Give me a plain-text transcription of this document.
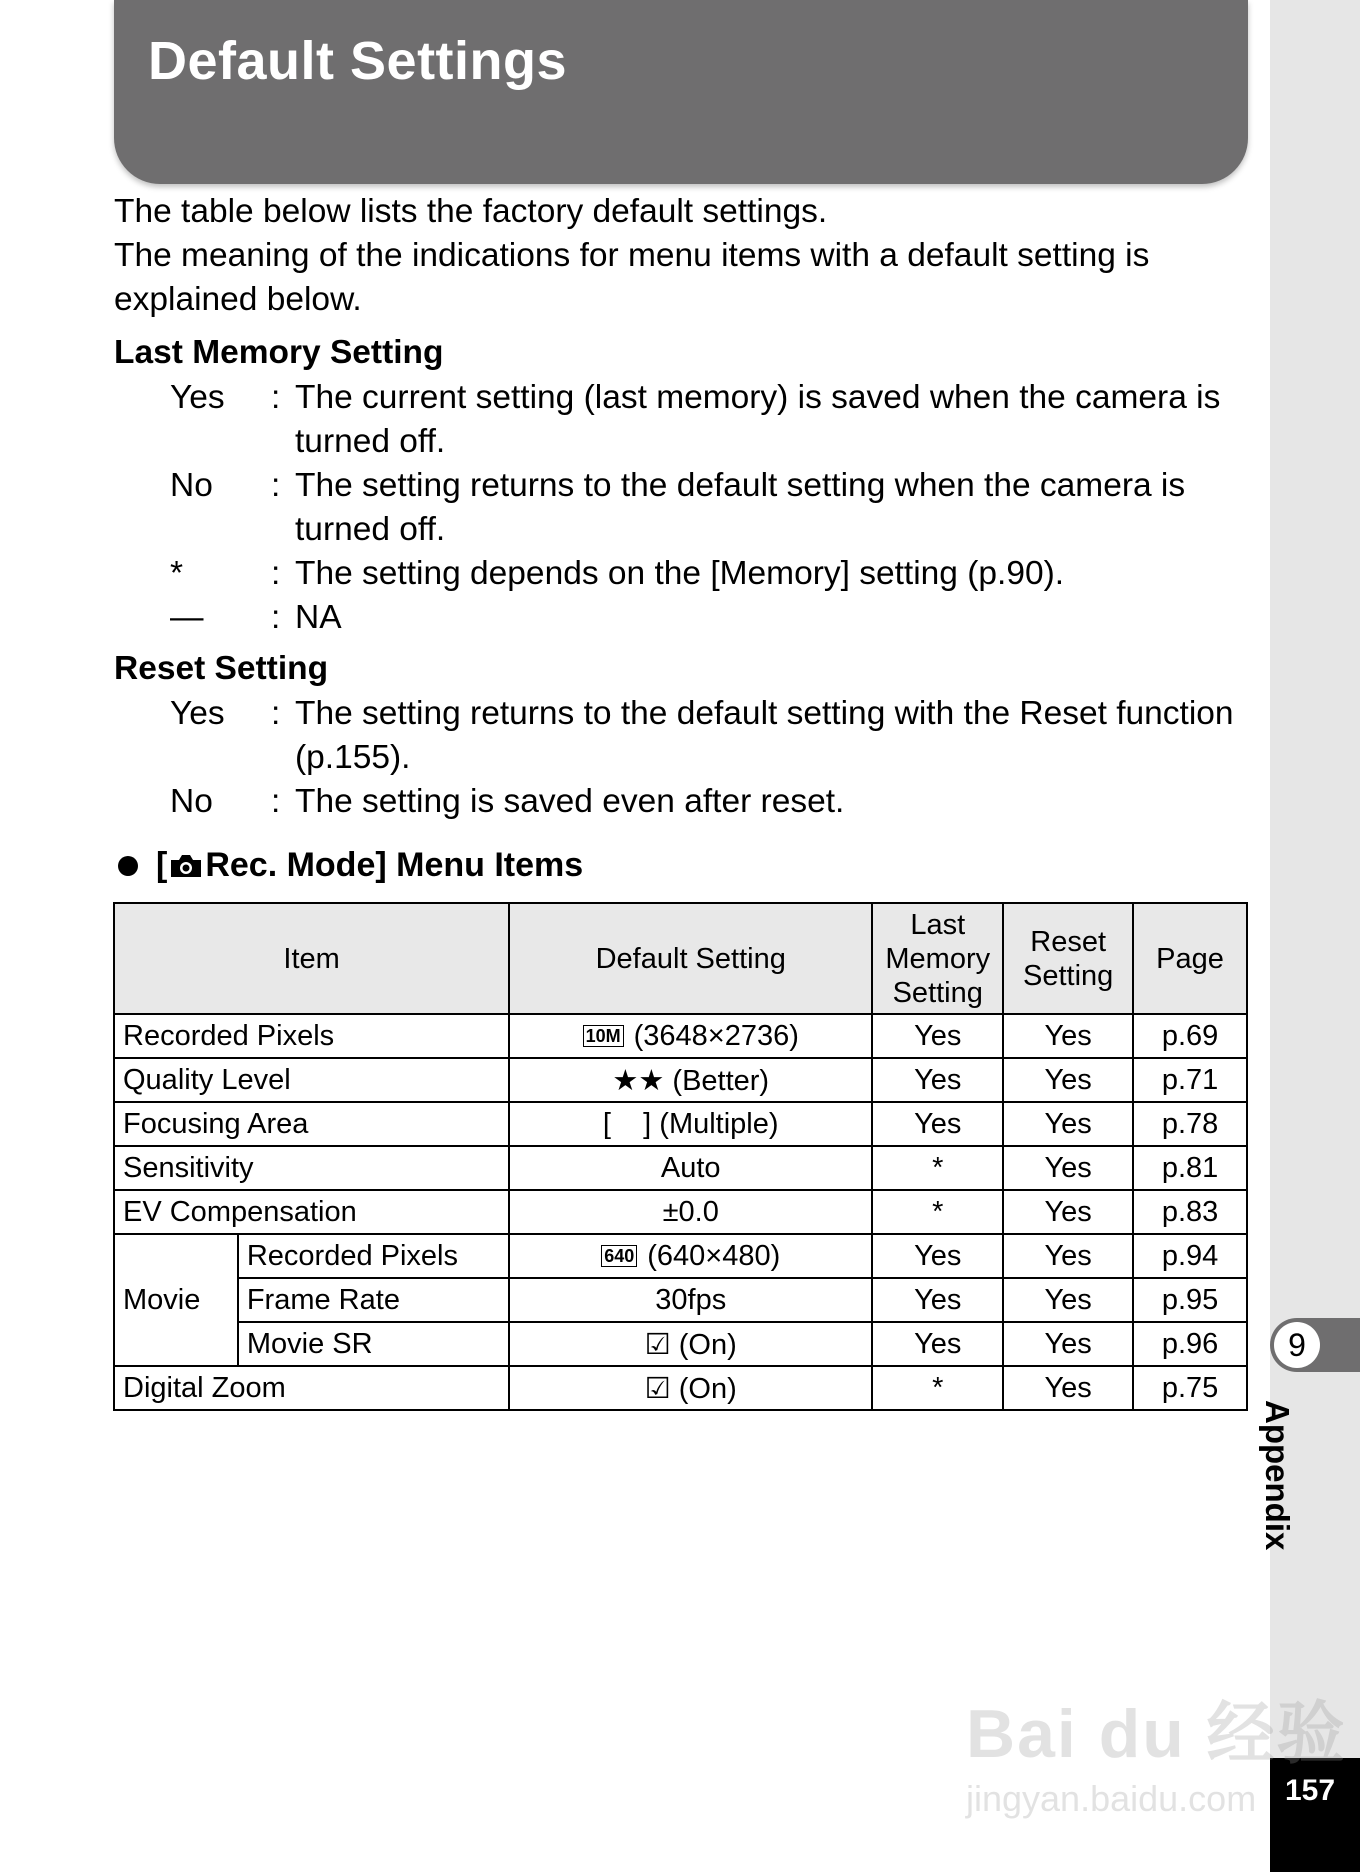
Default Settings
9
Appendix
157

The table below lists the factory default settings.

The meaning of the indications for menu items with a default setting is explained below.

Last Memory Setting
Yes	: The current setting (last memory) is saved when the camera is turned off.
No	: The setting returns to the default setting when the camera is turned off.
*	: The setting depends on the [Memory] setting (p.90).
—	: NA
Reset Setting
Yes	: The setting returns to the default setting with the Reset function (p.155).
No	: The setting is saved even after reset.
[ Rec. Mode] Menu Items
Item		Default Setting	Last Memory Setting	Reset Setting	Page
Recorded Pixels		10M (3648×2736)	Yes	Yes	p.69
Quality Level		★★ (Better)	Yes	Yes	p.71
Focusing Area		[    ] (Multiple)	Yes	Yes	p.78
Sensitivity		Auto	*	Yes	p.81
EV Compensation		±0.0	*	Yes	p.83
Movie	Recorded Pixels	640 (640×480)	Yes	Yes	p.94
	Frame Rate	30fps	Yes	Yes	p.95
	Movie SR	☑ (On)	Yes	Yes	p.96
Digital Zoom		☑ (On)	*	Yes	p.75
Bai du 经验
jingyan.baidu.com
